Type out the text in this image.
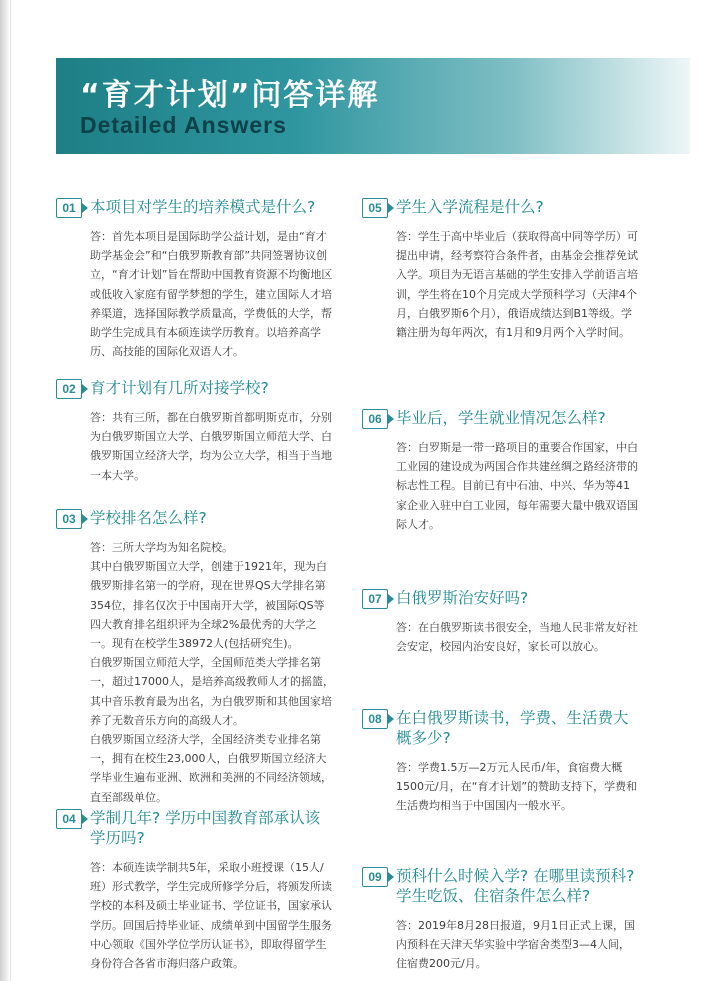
“育才计划”问答详解
Detailed Answers
01 本项目对学生的培养模式是什么?

答：首先本项目是国际助学公益计划，是由“育才助学基金会”和“白俄罗斯教育部”共同签署协议创立，“育才计划”旨在帮助中国教育资源不均衡地区或低收入家庭有留学梦想的学生，建立国际人才培养渠道，选择国际教学质量高，学费低的大学，帮助学生完成具有本硕连读学历教育。以培养高学历、高技能的国际化双语人才。

02 育才计划有几所对接学校?

答：共有三所，都在白俄罗斯首都明斯克市，分别为白俄罗斯国立大学、白俄罗斯国立师范大学、白俄罗斯国立经济大学，均为公立大学，相当于当地一本大学。

03 学校排名怎么样?

答：三所大学均为知名院校。

其中白俄罗斯国立大学，创建于1921年，现为白俄罗斯排名第一的学府，现在世界QS大学排名第354位，排名仅次于中国南开大学，被国际QS等四大教育排名组织评为全球2%最优秀的大学之一。现有在校学生38972人(包括研究生)。

白俄罗斯国立师范大学，全国师范类大学排名第一，超过17000人，是培养高级教师人才的摇篮，其中音乐教育最为出名，为白俄罗斯和其他国家培养了无数音乐方向的高级人才。

白俄罗斯国立经济大学，全国经济类专业排名第一，拥有在校生23,000人，白俄罗斯国立经济大学毕业生遍布亚洲、欧洲和美洲的不同经济领域，直至部级单位。

04 学制几年? 学历中国教育部承认该学历吗?

答：本硕连读学制共5年，采取小班授课（15人/班）形式教学，学生完成所修学分后，将颁发所读学校的本科及硕士毕业证书、学位证书，国家承认学历。回国后持毕业证、成绩单到中国留学生服务中心领取《国外学位学历认证书》，即取得留学生身份符合各省市海归落户政策。

05 学生入学流程是什么?

答：学生于高中毕业后（获取得高中同等学历）可提出申请，经考察符合条件者，由基金会推荐免试入学。项目为无语言基础的学生安排入学前语言培训，学生将在10个月完成大学预科学习（天津4个月，白俄罗斯6个月），俄语成绩达到B1等级。学籍注册为每年两次，有1月和9月两个入学时间。

06 毕业后，学生就业情况怎么样?

答：白罗斯是一带一路项目的重要合作国家，中白工业园的建设成为两国合作共建丝绸之路经济带的标志性工程。目前已有中石油、中兴、华为等41家企业入驻中白工业园，每年需要大量中俄双语国际人才。

07 白俄罗斯治安好吗?

答：在白俄罗斯读书很安全，当地人民非常友好社会安定，校园内治安良好，家长可以放心。

08 在白俄罗斯读书，学费、生活费大概多少?

答：学费1.5万—2万元人民币/年，食宿费大概1500元/月，在“育才计划”的赞助支持下，学费和生活费均相当于中国国内一般水平。

09 预科什么时候入学? 在哪里读预科? 学生吃饭、住宿条件怎么样?

答：2019年8月28日报道，9月1日正式上课，国内预科在天津天华实验中学宿舍类型3—4人间，住宿费200元/月。
